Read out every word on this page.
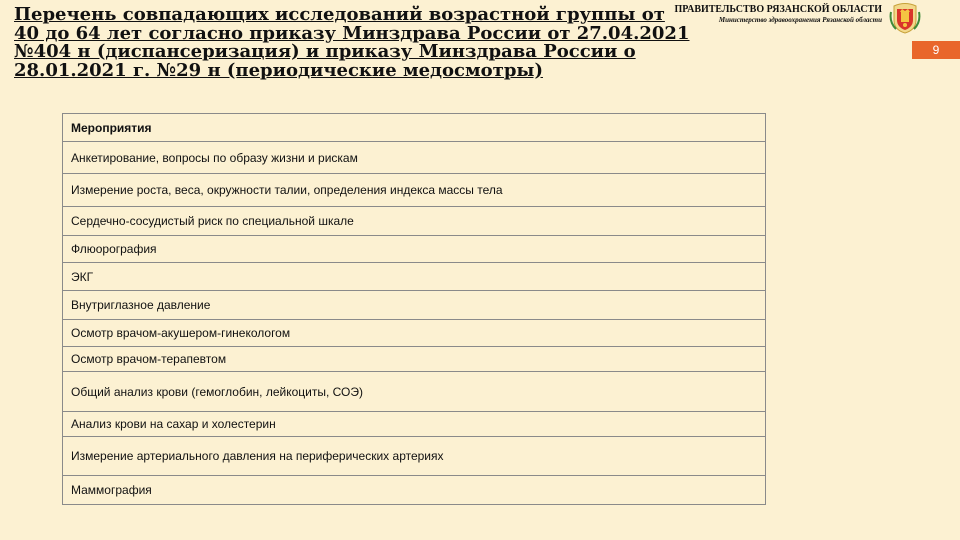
Перечень совпадающих исследований возрастной группы от 40 до 64 лет согласно приказу Минздрава России от 27.04.2021 №404 н (диспансеризация) и приказу Минздрава России о 28.01.2021 г. №29 н (периодические медосмотры)
ПРАВИТЕЛЬСТВО РЯЗАНСКОЙ ОБЛАСТИ
Министерство здравоохранения Рязанской области
9
Мероприятия
Анкетирование, вопросы по образу жизни и рискам
Измерение роста, веса, окружности талии, определения индекса массы тела
Сердечно-сосудистый риск по специальной шкале
Флюорография
ЭКГ
Внутриглазное давление
Осмотр врачом-акушером-гинекологом
Осмотр врачом-терапевтом
Общий анализ крови (гемоглобин, лейкоциты, СОЭ)
Анализ крови на сахар и холестерин
Измерение артериального давления на периферических артериях
Маммография
